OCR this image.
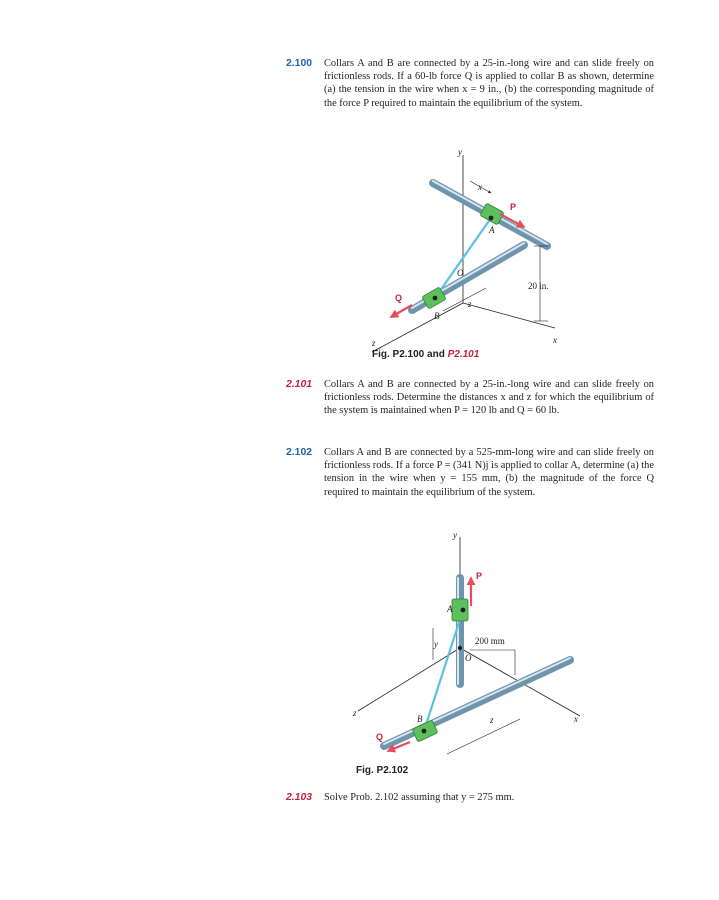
2.100 Collars A and B are connected by a 25-in.-long wire and can slide freely on frictionless rods. If a 60-lb force Q is applied to collar B as shown, determine (a) the tension in the wire when x = 9 in., (b) the corresponding magnitude of the force P required to maintain the equilibrium of the system.
y
x
P
A
O
20 in.
Q
z
B
z	x
Fig. P2.100 and P2.101
2.101 Collars A and B are connected by a 25-in.-long wire and can slide freely on frictionless rods. Determine the distances x and z for which the equilibrium of the system is maintained when P = 120 lb and Q = 60 lb.
2.102 Collars A and B are connected by a 525-mm-long wire and can slide freely on frictionless rods. If a force P = (341 N)j is applied to collar A, determine (a) the tension in the wire when y = 155 mm, (b) the magnitude of the force Q required to maintain the equilibrium of the system.
y
P
A
y	200 mm
O
z
B	z	x
Q
Fig. P2.102
2.103 Solve Prob. 2.102 assuming that y = 275 mm.
